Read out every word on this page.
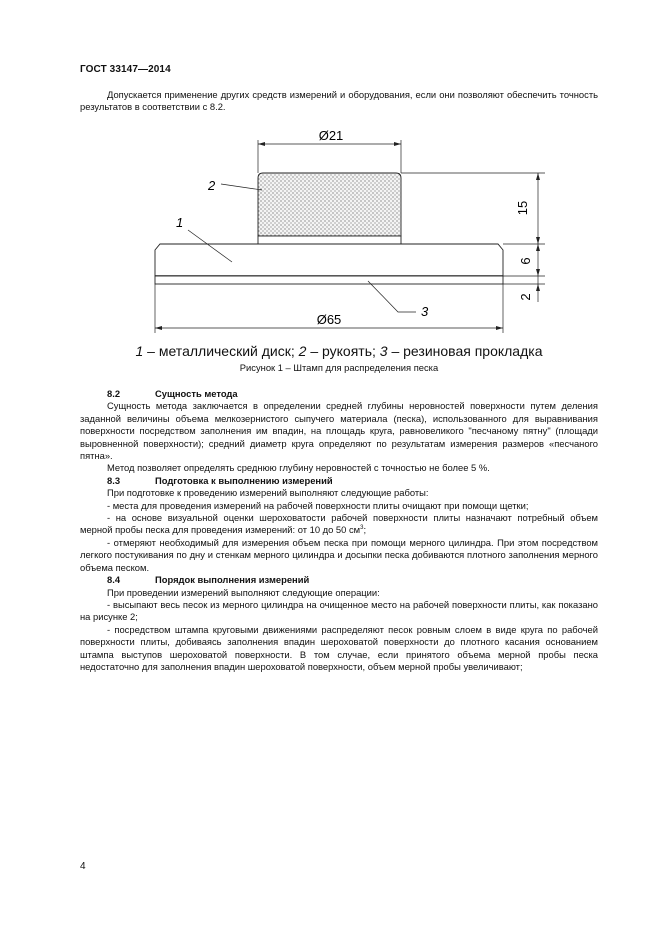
ГОСТ 33147—2014

Допускается применение других средств измерений и оборудования, если они позволяют обеспечить точность результатов в соответствии с 8.2.

Ø21
15
6
2
Ø65
2
1
3
1 – металлический диск; 2 – рукоять; 3 – резиновая прокладка
Рисунок 1 – Штамп для распределения песка
8.2	Сущность метода

Сущность метода заключается в определении средней глубины неровностей поверхности путем деления заданной величины объема мелкозернистого сыпучего материала (песка), использованного для выравнивания поверхности посредством заполнения им впадин, на площадь круга, равновеликого "песчаному пятну" (площади выровненной поверхности); средний диаметр круга определяют по результатам измерения размеров «песчаного пятна».

Метод позволяет определять среднюю глубину неровностей с точностью не более 5 %.

8.3	Подготовка к выполнению измерений

При подготовке к проведению измерений выполняют следующие работы:

- места для проведения измерений на рабочей поверхности плиты очищают при помощи щетки;

- на основе визуальной оценки шероховатости рабочей поверхности плиты назначают потребный объем мерной пробы песка для проведения измерений: от 10 до 50 $см^3$;

- отмеряют необходимый для измерения объем песка при помощи мерного цилиндра. При этом посредством легкого постукивания по дну и стенкам мерного цилиндра и досыпки песка добиваются плотного заполнения мерного объема песком.

8.4	Порядок выполнения измерений

При проведении измерений выполняют следующие операции:

- высыпают весь песок из мерного цилиндра на очищенное место на рабочей поверхности плиты, как показано на рисунке 2;

- посредством штампа круговыми движениями распределяют песок ровным слоем в виде круга по рабочей поверхности плиты, добиваясь заполнения впадин шероховатой поверхности до плотного касания основанием штампа выступов шероховатой поверхности. В том случае, если принятого объема мерной пробы песка недостаточно для заполнения впадин шероховатой поверхности, объем мерной пробы увеличивают;

4
